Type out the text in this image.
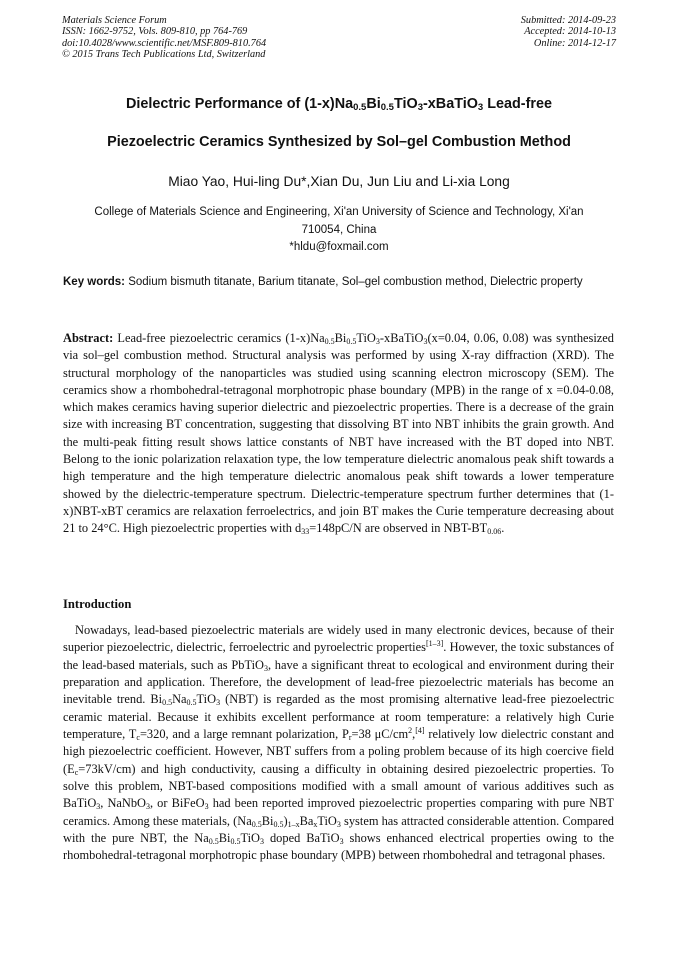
Materials Science Forum
ISSN: 1662-9752, Vols. 809-810, pp 764-769
doi:10.4028/www.scientific.net/MSF.809-810.764
© 2015 Trans Tech Publications Ltd, Switzerland
Submitted: 2014-09-23
Accepted: 2014-10-13
Online: 2014-12-17
Dielectric Performance of $(1-x)Na_{0.5}Bi_{0.5}TiO_3-xBaTiO_3$ Lead-free
Piezoelectric Ceramics Synthesized by Sol–gel Combustion Method
Miao Yao, Hui-ling Du*,Xian Du, Jun Liu and Li-xia Long
College of Materials Science and Engineering, Xi'an University of Science and Technology, Xi'an
710054, China
*hldu@foxmail.com
Key words: Sodium bismuth titanate, Barium titanate, Sol–gel combustion method, Dielectric property
Abstract: Lead-free piezoelectric ceramics $(1-x)Na_{0.5}Bi_{0.5}TiO_3-xBaTiO_3(x=0.04$, 0.06, 0.08) was synthesized via sol–gel combustion method. Structural analysis was performed by using X-ray diffraction (XRD). The structural morphology of the nanoparticles was studied using scanning electron microscopy (SEM). The ceramics show a rhombohedral-tetragonal morphotropic phase boundary (MPB) in the range of x =0.04-0.08, which makes ceramics having superior dielectric and piezoelectric properties. There is a decrease of the grain size with increasing BT concentration, suggesting that dissolving BT into NBT inhibits the grain growth. And the multi-peak fitting result shows lattice constants of NBT have increased with the BT doped into NBT. Belong to the ionic polarization relaxation type, the low temperature dielectric anomalous peak shift towards a high temperature and the high temperature dielectric anomalous peak shift towards a lower temperature showed by the dielectric-temperature spectrum. Dielectric-temperature spectrum further determines that (1-x)NBT-xBT ceramics are relaxation ferroelectrics, and join BT makes the Curie temperature decreasing about 21 to 24°C. High piezoelectric properties with $d_{33}=148pC/N$ are observed in NBT-$BT_{0.06}$.
Introduction
Nowadays, lead-based piezoelectric materials are widely used in many electronic devices, because of their superior piezoelectric, dielectric, ferroelectric and pyroelectric properties[1–3]. However, the toxic substances of the lead-based materials, such as PbTiO$_3$, have a significant threat to ecological and environment during their preparation and application. Therefore, the development of lead-free piezoelectric materials has become an inevitable trend. $Bi_{0.5}Na_{0.5}TiO_3$ (NBT) is regarded as the most promising alternative lead-free piezoelectric ceramic material. Because it exhibits excellent performance at room temperature: a relatively high Curie temperature, $T_c=320$, and a large remnant polarization, $P_r=38$ $\mu C/cm^2,[4]$ relatively low dielectric constant and high piezoelectric coefficient. However, NBT suffers from a poling problem because of its high coercive field $(E_c=73kV/cm)$ and high conductivity, causing a difficulty in obtaining desired piezoelectric properties. To solve this problem, NBT-based compositions modified with a small amount of various additives such as BaTiO$_3$, NaNbO$_3$, or BiFeO$_3$ had been reported improved piezoelectric properties comparing with pure NBT ceramics. Among these materials, $(Na_{0.5}Bi_{0.5})_{1-x}Ba_xTiO_3$ system has attracted considerable attention. Compared with the pure NBT, the $Na_{0.5}Bi_{0.5}TiO_3$ doped BaTiO$_3$ shows enhanced electrical properties owing to the rhombohedral-tetragonal morphotropic phase boundary (MPB) between rhombohedral and tetragonal phases.
